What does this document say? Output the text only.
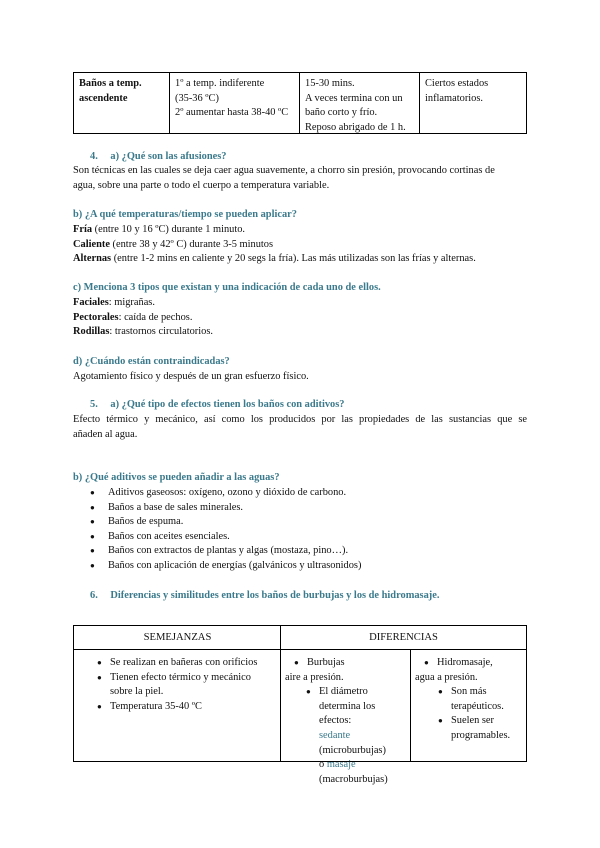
Baños a temp. ascendente
1º a temp. indiferente
(35-36 ºC)
2º aumentar hasta 38-40 ºC
15-30 mins.
A veces termina con un
baño corto y frío.
Reposo abrigado de 1 h.
Ciertos estados
inflamatorios.
4. a) ¿Qué son las afusiones?
Son técnicas en las cuales se deja caer agua suavemente, a chorro sin presión, provocando cortinas de
agua, sobre una parte o todo el cuerpo a temperatura variable.
b) ¿A qué temperaturas/tiempo se pueden aplicar?
Fría (entre 10 y 16 ºC) durante 1 minuto.
Caliente (entre 38 y 42º C) durante 3-5 minutos
Alternas (entre 1-2 mins en caliente y 20 segs la fría). Las más utilizadas son las frías y alternas.
c) Menciona 3 tipos que existan y una indicación de cada uno de ellos.
Faciales: migrañas.
Pectorales: caída de pechos.
Rodillas: trastornos circulatorios.
d) ¿Cuándo están contraindicadas?
Agotamiento físico y después de un gran esfuerzo físico.
5. a) ¿Qué tipo de efectos tienen los baños con aditivos?
Efecto térmico y mecánico, así como los producidos por las propiedades de las sustancias que se
añaden al agua.
b) ¿Qué aditivos se pueden añadir a las aguas?
● Aditivos gaseosos: oxígeno, ozono y dióxido de carbono.
● Baños a base de sales minerales.
● Baños de espuma.
● Baños con aceites esenciales.
● Baños con extractos de plantas y algas (mostaza, pino…).
● Baños con aplicación de energías (galvánicos y ultrasonidos)
6. Diferencias y similitudes entre los baños de burbujas y los de hidromasaje.
SEMEJANZAS	DIFERENCIAS
● Se realizan en bañeras con orificios
● Tienen efecto térmico y mecánico sobre la piel.
● Temperatura 35-40 ºC
● Burbujas
aire a presión.
● El diámetro determina los efectos: sedante (microburbujas) o masaje (macroburbujas)
● Hidromasaje,
agua a presión.
● Son más terapéuticos.
● Suelen ser programables.
